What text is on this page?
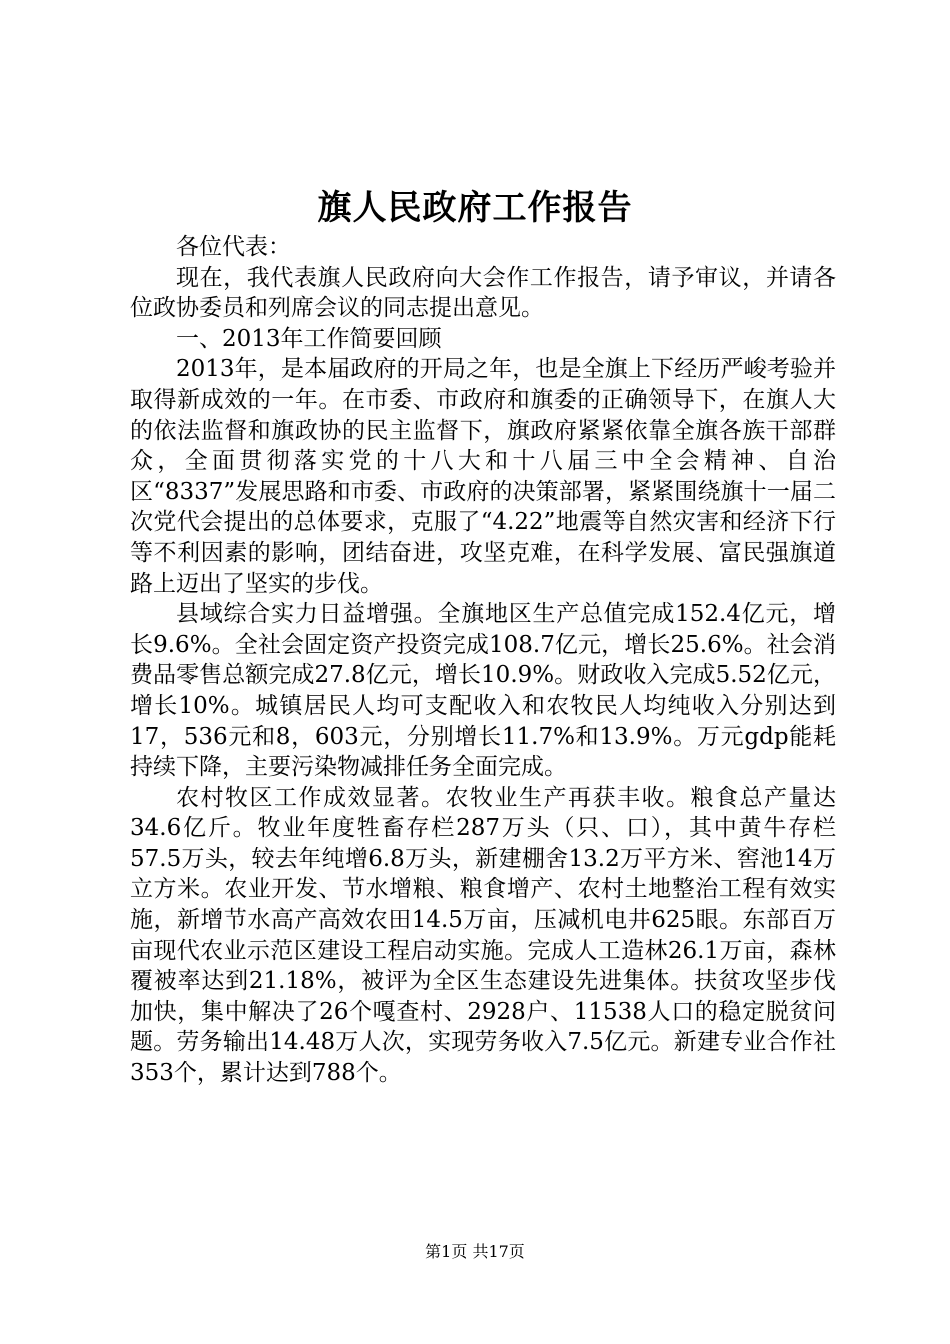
旗人民政府工作报告

各位代表：

现在，我代表旗人民政府向大会作工作报告，请予审议，并请各位政协委员和列席会议的同志提出意见。

一、2013年工作简要回顾

2013年，是本届政府的开局之年，也是全旗上下经历严峻考验并取得新成效的一年。在市委、市政府和旗委的正确领导下，在旗人大的依法监督和旗政协的民主监督下，旗政府紧紧依靠全旗各族干部群众，全面贯彻落实党的十八大和十八届三中全会精神、自治区“8337”发展思路和市委、市政府的决策部署，紧紧围绕旗十一届二次党代会提出的总体要求，克服了“4.22”地震等自然灾害和经济下行等不利因素的影响，团结奋进，攻坚克难，在科学发展、富民强旗道路上迈出了坚实的步伐。

县域综合实力日益增强。全旗地区生产总值完成152.4亿元，增长9.6%。全社会固定资产投资完成108.7亿元，增长25.6%。社会消费品零售总额完成27.8亿元，增长10.9%。财政收入完成5.52亿元，增长10%。城镇居民人均可支配收入和农牧民人均纯收入分别达到17，536元和8，603元，分别增长11.7%和13.9%。万元gdp能耗持续下降，主要污染物减排任务全面完成。

农村牧区工作成效显著。农牧业生产再获丰收。粮食总产量达34.6亿斤。牧业年度牲畜存栏287万头（只、口），其中黄牛存栏57.5万头，较去年纯增6.8万头，新建棚舍13.2万平方米、窖池14万立方米。农业开发、节水增粮、粮食增产、农村土地整治工程有效实施，新增节水高产高效农田14.5万亩，压减机电井625眼。东部百万亩现代农业示范区建设工程启动实施。完成人工造林26.1万亩，森林覆被率达到21.18%，被评为全区生态建设先进集体。扶贫攻坚步伐加快，集中解决了26个嘎查村、2928户、11538人口的稳定脱贫问题。劳务输出14.48万人次，实现劳务收入7.5亿元。新建专业合作社353个，累计达到788个。

第1页 共17页
